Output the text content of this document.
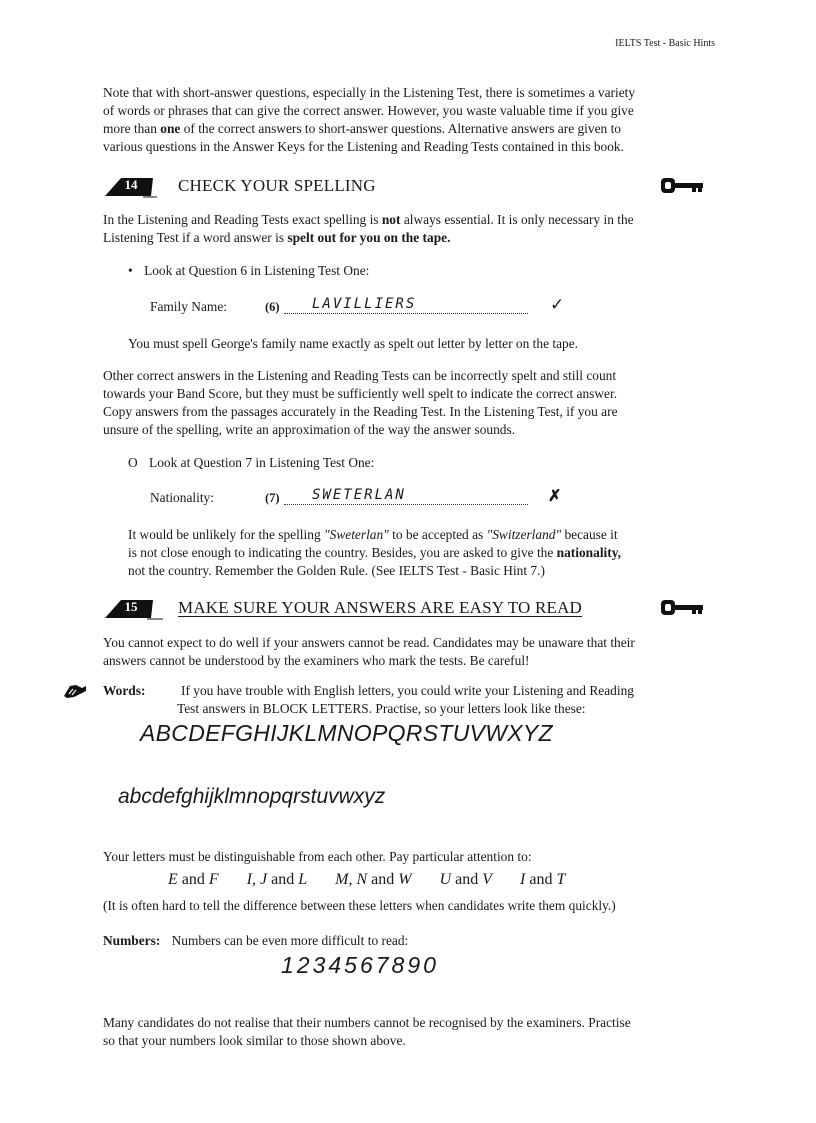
IELTS Test - Basic Hints
Note that with short-answer questions, especially in the Listening Test, there is sometimes a variety
of words or phrases that can give the correct answer. However, you waste valuable time if you give
more than one of the correct answers to short-answer questions. Alternative answers are given to
various questions in the Answer Keys for the Listening and Reading Tests contained in this book.
14	CHECK YOUR SPELLING
In the Listening and Reading Tests exact spelling is not always essential. It is only necessary in the
Listening Test if a word answer is spelt out for you on the tape.
• Look at Question 6 in Listening Test One:
Family Name:	(6)	LAVILLIERS	✓
You must spell George's family name exactly as spelt out letter by letter on the tape.
Other correct answers in the Listening and Reading Tests can be incorrectly spelt and still count
towards your Band Score, but they must be sufficiently well spelt to indicate the correct answer.
Copy answers from the passages accurately in the Reading Test. In the Listening Test, if you are
unsure of the spelling, write an approximation of the way the answer sounds.
O Look at Question 7 in Listening Test One:
Nationality:	(7)	SWETERLAN	✗
It would be unlikely for the spelling "Sweterlan" to be accepted as "Switzerland" because it
is not close enough to indicating the country. Besides, you are asked to give the nationality,
not the country. Remember the Golden Rule. (See IELTS Test - Basic Hint 7.)
15	MAKE SURE YOUR ANSWERS ARE EASY TO READ
You cannot expect to do well if your answers cannot be read. Candidates may be unaware that their
answers cannot be understood by the examiners who mark the tests. Be careful!
Words:	If you have trouble with English letters, you could write your Listening and Reading
Test answers in BLOCK LETTERS. Practise, so your letters look like these:
ABCDEFGHIJKLMNOPQRSTUVWXYZ
abcdefghijklmnopqrstuvwxyz
Your letters must be distinguishable from each other. Pay particular attention to:
E and F I, J and L M, N and W U and V I and T
(It is often hard to tell the difference between these letters when candidates write them quickly.)
Numbers: Numbers can be even more difficult to read:
1234567890
Many candidates do not realise that their numbers cannot be recognised by the examiners. Practise
so that your numbers look similar to those shown above.
